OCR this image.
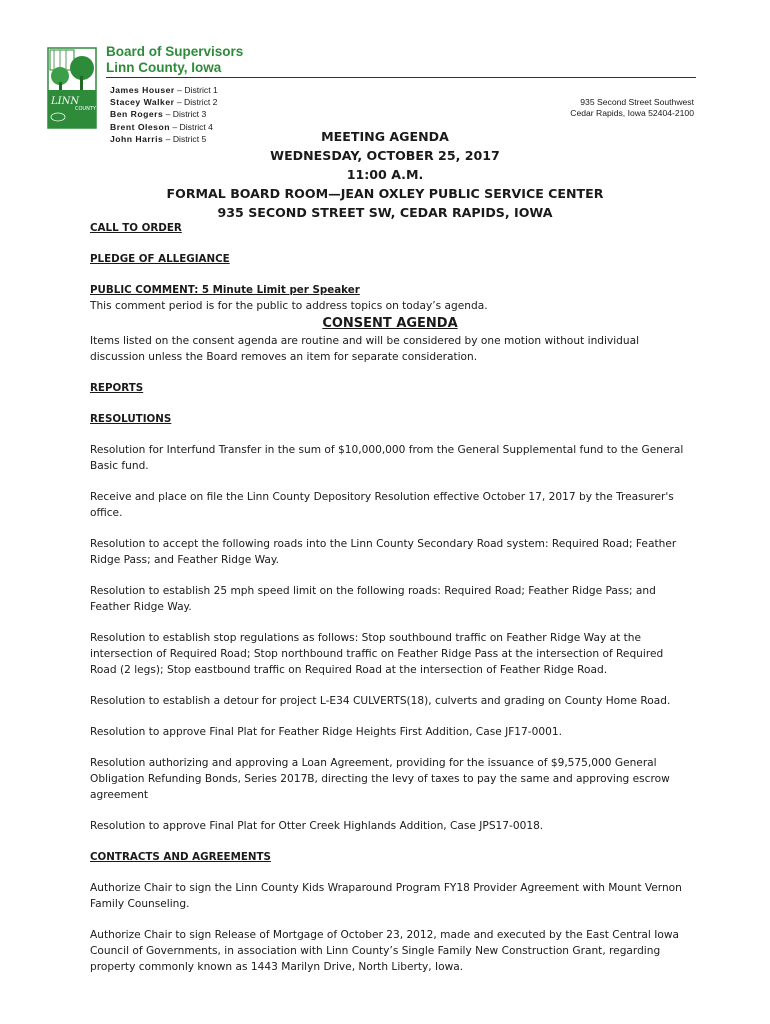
LINN
COUNTY
Board of Supervisors
Linn County, Iowa
James Houser – District 1
Stacey Walker – District 2
Ben Rogers – District 3
Brent Oleson – District 4
John Harris – District 5
935 Second Street Southwest
Cedar Rapids, Iowa 52404-2100
MEETING AGENDA
WEDNESDAY, OCTOBER 25, 2017
11:00 A.M.
FORMAL BOARD ROOM—JEAN OXLEY PUBLIC SERVICE CENTER
935 SECOND STREET SW, CEDAR RAPIDS, IOWA

CALL TO ORDER

PLEDGE OF ALLEGIANCE

PUBLIC COMMENT: 5 Minute Limit per Speaker

This comment period is for the public to address topics on today’s agenda.

CONSENT AGENDA

Items listed on the consent agenda are routine and will be considered by one motion without individual discussion unless the Board removes an item for separate consideration.

REPORTS

RESOLUTIONS

Resolution for Interfund Transfer in the sum of $10,000,000 from the General Supplemental fund to the General Basic fund.

Receive and place on file the Linn County Depository Resolution effective October 17, 2017 by the Treasurer's office.

Resolution to accept the following roads into the Linn County Secondary Road system: Required Road; Feather Ridge Pass; and Feather Ridge Way.

Resolution to establish 25 mph speed limit on the following roads: Required Road; Feather Ridge Pass; and Feather Ridge Way.

Resolution to establish stop regulations as follows: Stop southbound traffic on Feather Ridge Way at the intersection of Required Road; Stop northbound traffic on Feather Ridge Pass at the intersection of Required Road (2 legs); Stop eastbound traffic on Required Road at the intersection of Feather Ridge Road.

Resolution to establish a detour for project L-E34 CULVERTS(18), culverts and grading on County Home Road.

Resolution to approve Final Plat for Feather Ridge Heights First Addition, Case JF17-0001.

Resolution authorizing and approving a Loan Agreement, providing for the issuance of $9,575,000 General Obligation Refunding Bonds, Series 2017B, directing the levy of taxes to pay the same and approving escrow agreement

Resolution to approve Final Plat for Otter Creek Highlands Addition, Case JPS17-0018.

CONTRACTS AND AGREEMENTS

Authorize Chair to sign the Linn County Kids Wraparound Program FY18 Provider Agreement with Mount Vernon Family Counseling.

Authorize Chair to sign Release of Mortgage of October 23, 2012, made and executed by the East Central Iowa Council of Governments, in association with Linn County’s Single Family New Construction Grant, regarding property commonly known as 1443 Marilyn Drive, North Liberty, Iowa.
